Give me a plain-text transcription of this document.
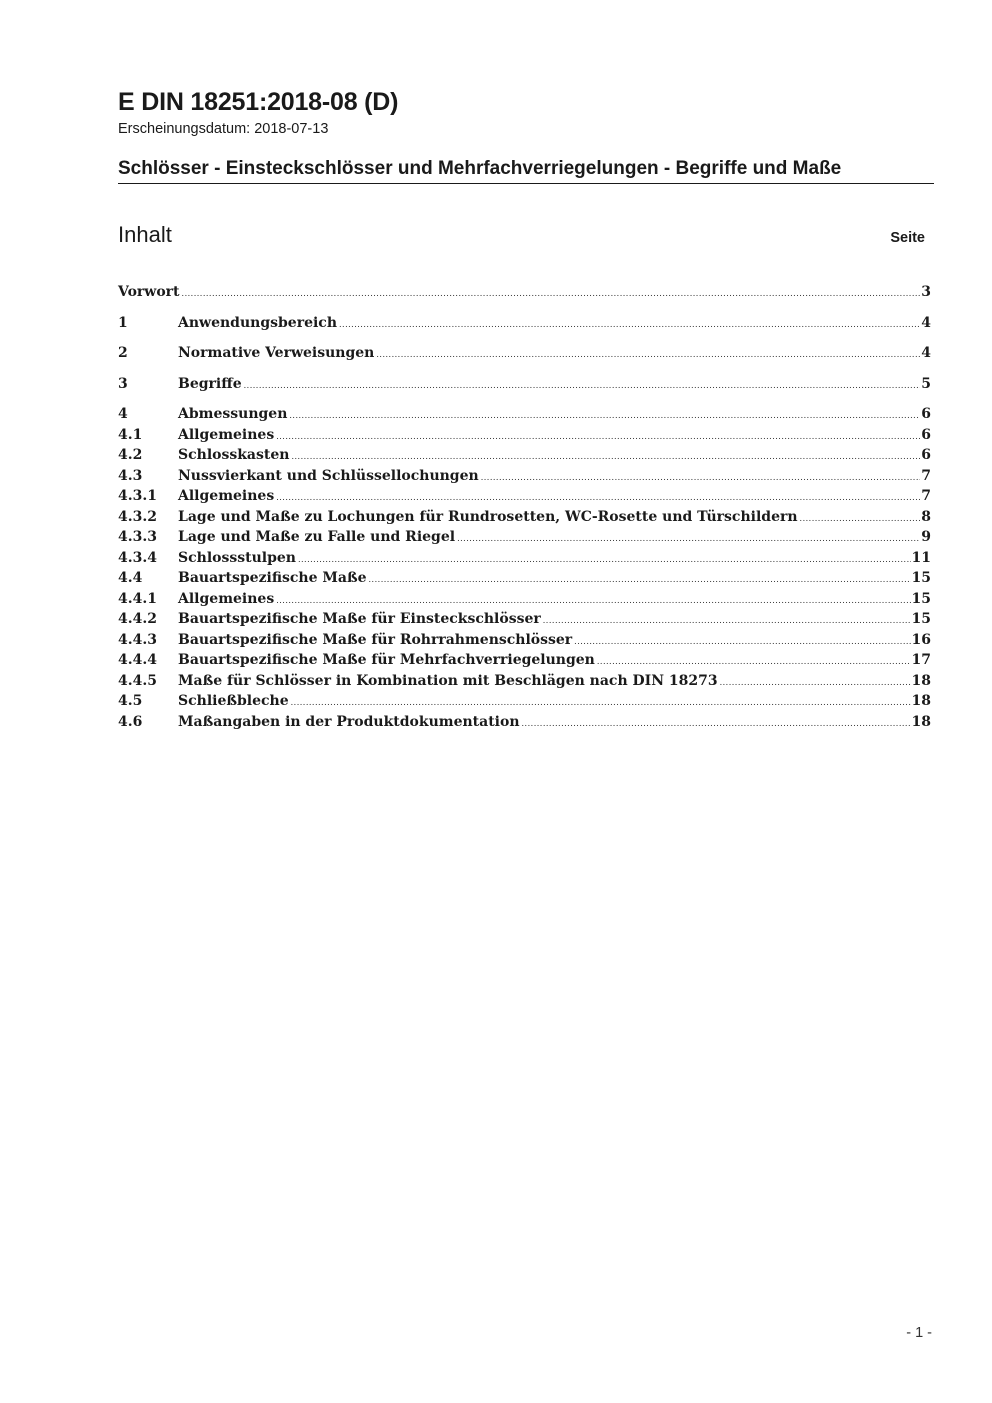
E DIN 18251:2018-08 (D)
Erscheinungsdatum: 2018-07-13
Schlösser - Einsteckschlösser und Mehrfachverriegelungen - Begriffe und Maße
Inhalt	Seite
Vorwort .....	3
1	Anwendungsbereich .....	4
2	Normative Verweisungen .....	4
3	Begriffe .....	5
4	Abmessungen .....	6
4.1	Allgemeines .....	6
4.2	Schlosskasten .....	6
4.3	Nussvierkant und Schlüssellochungen .....	7
4.3.1	Allgemeines .....	7
4.3.2	Lage und Maße zu Lochungen für Rundrosetten, WC-Rosette und Türschildern .....	8
4.3.3	Lage und Maße zu Falle und Riegel .....	9
4.3.4	Schlossstulpen .....	11
4.4	Bauartspezifische Maße .....	15
4.4.1	Allgemeines .....	15
4.4.2	Bauartspezifische Maße für Einsteckschlösser .....	15
4.4.3	Bauartspezifische Maße für Rohrrahmenschlösser .....	16
4.4.4	Bauartspezifische Maße für Mehrfachverriegelungen .....	17
4.4.5	Maße für Schlösser in Kombination mit Beschlägen nach DIN 18273 .....	18
4.5	Schließbleche .....	18
4.6	Maßangaben in der Produktdokumentation .....	18
- 1 -
